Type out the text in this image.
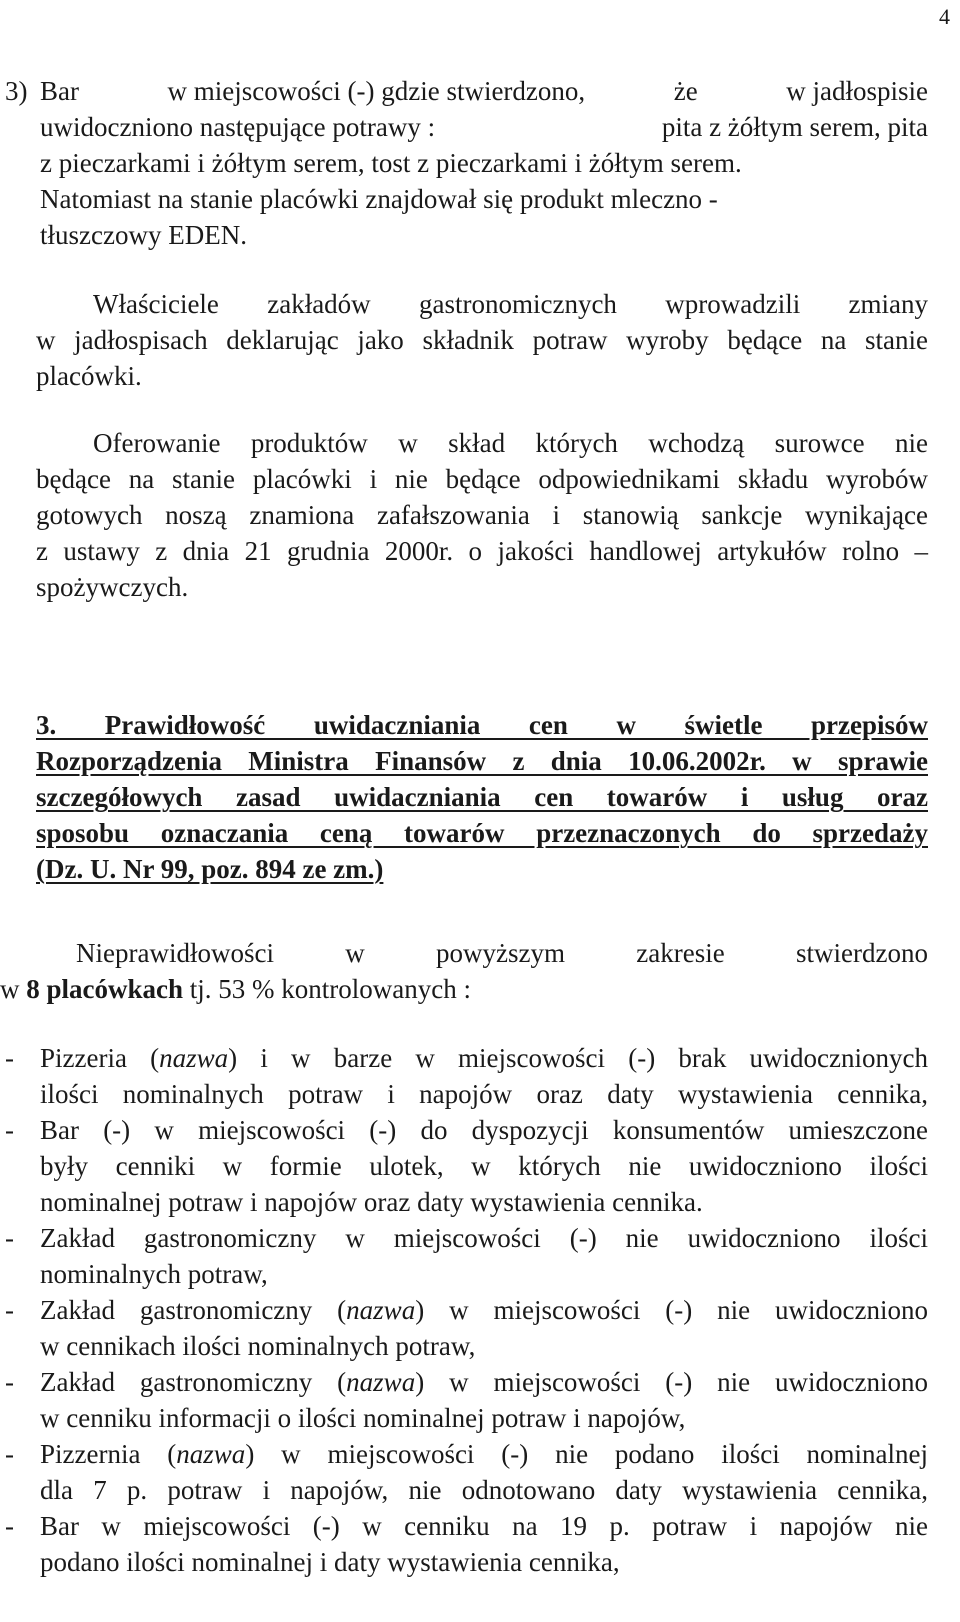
4
3) Bar	w miejscowości (-) gdzie stwierdzono,	że	w jadłospisie
uwidoczniono następujące potrawy :	pita z żółtym serem, pita
z pieczarkami i żółtym serem, tost z pieczarkami i żółtym serem.
Natomiast na stanie placówki znajdował się produkt mleczno -
tłuszczowy EDEN.
Właściciele zakładów gastronomicznych wprowadzili zmiany
w jadłospisach deklarując jako składnik potraw wyroby będące na stanie
placówki.
Oferowanie produktów w skład których wchodzą surowce nie
będące na stanie placówki i nie będące odpowiednikami składu wyrobów
gotowych noszą znamiona zafałszowania i stanowią sankcje wynikające
z ustawy z dnia 21 grudnia 2000r. o jakości handlowej artykułów rolno –
spożywczych.
3. Prawidłowość uwidaczniania cen w świetle przepisów
Rozporządzenia Ministra Finansów z dnia 10.06.2002r. w sprawie
szczegółowych zasad uwidaczniania cen towarów i usług oraz
sposobu oznaczania ceną towarów przeznaczonych do sprzedaży
(Dz. U. Nr 99, poz. 894 ze zm.)
Nieprawidłowości w powyższym zakresie stwierdzono
w 8 placówkach tj. 53 % kontrolowanych :
- Pizzeria (nazwa) i w barze w miejscowości (-) brak uwidocznionych
ilości nominalnych potraw i napojów oraz daty wystawienia cennika,
- Bar (-) w miejscowości (-) do dyspozycji konsumentów umieszczone
były cenniki w formie ulotek, w których nie uwidoczniono ilości
nominalnej potraw i napojów oraz daty wystawienia cennika.
- Zakład gastronomiczny w miejscowości (-) nie uwidoczniono ilości
nominalnych potraw,
- Zakład gastronomiczny (nazwa) w miejscowości (-) nie uwidoczniono
w cennikach ilości nominalnych potraw,
- Zakład gastronomiczny (nazwa) w miejscowości (-) nie uwidoczniono
w cenniku informacji o ilości nominalnej potraw i napojów,
- Pizzernia (nazwa) w miejscowości (-) nie podano ilości nominalnej
dla 7 p. potraw i napojów, nie odnotowano daty wystawienia cennika,
- Bar w miejscowości (-) w cenniku na 19 p. potraw i napojów nie
podano ilości nominalnej i daty wystawienia cennika,
